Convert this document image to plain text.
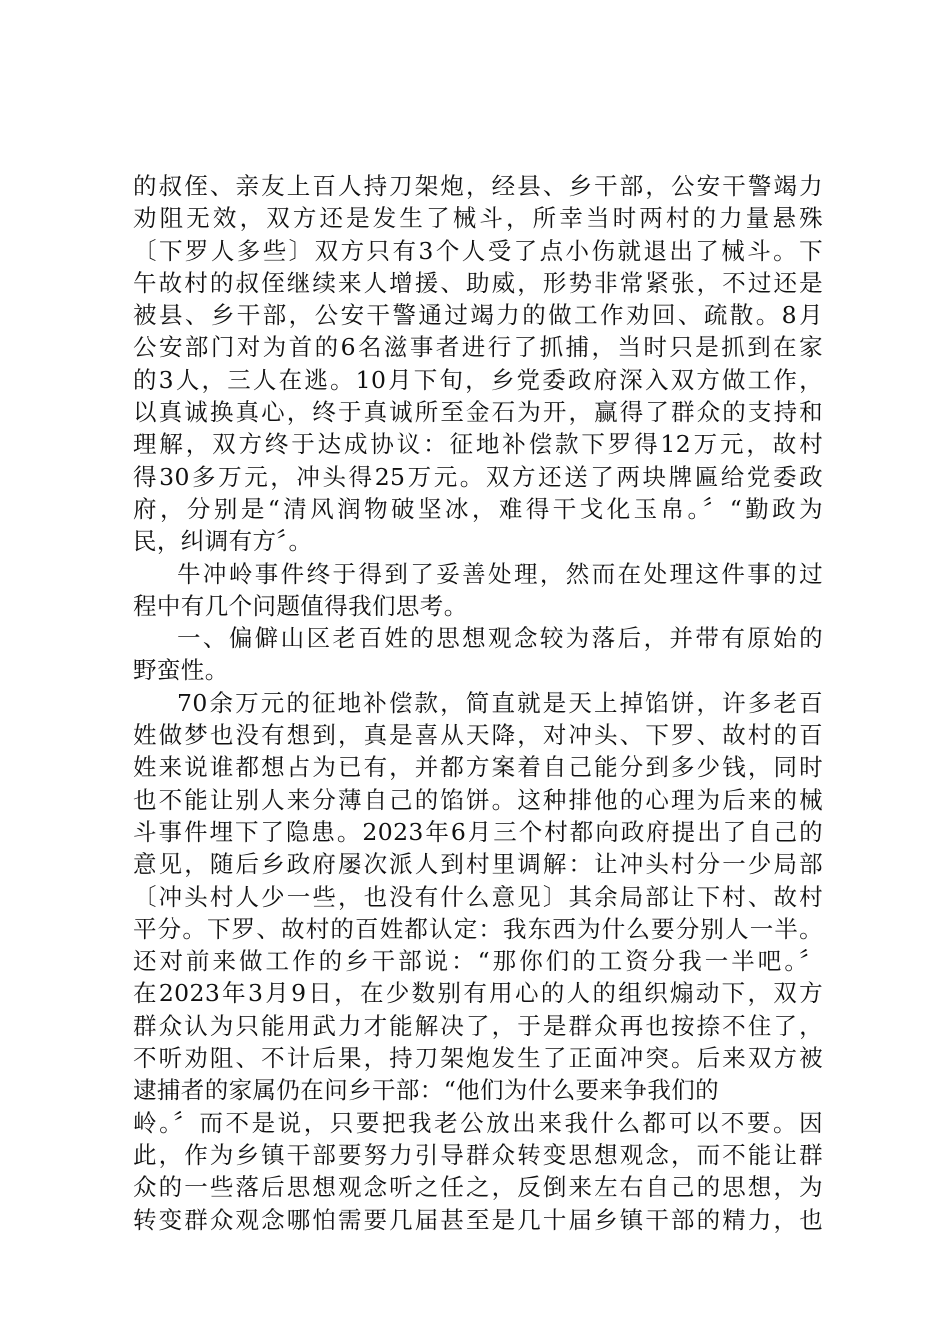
的叔侄、亲友上百人持刀架炮，经县、乡干部，公安干警竭力
劝阻无效，双方还是发生了械斗，所幸当时两村的力量悬殊
〔下罗人多些〕双方只有3个人受了点小伤就退出了械斗。下
午故村的叔侄继续来人增援、助威，形势非常紧张，不过还是
被县、乡干部，公安干警通过竭力的做工作劝回、疏散。8月
公安部门对为首的6名滋事者进行了抓捕，当时只是抓到在家
的3人，三人在逃。10月下旬，乡党委政府深入双方做工作，
以真诚换真心，终于真诚所至金石为开，赢得了群众的支持和
理解，双方终于达成协议：征地补偿款下罗得12万元，故村
得30多万元，冲头得25万元。双方还送了两块牌匾给党委政
府，分别是“清风润物破坚冰，难得干戈化玉帛。〞“勤政为
民，纠调有方〞。
牛冲岭事件终于得到了妥善处理，然而在处理这件事的过
程中有几个问题值得我们思考。
一、偏僻山区老百姓的思想观念较为落后，并带有原始的
野蛮性。
70余万元的征地补偿款，简直就是天上掉馅饼，许多老百
姓做梦也没有想到，真是喜从天降，对冲头、下罗、故村的百
姓来说谁都想占为已有，并都方案着自己能分到多少钱，同时
也不能让别人来分薄自己的馅饼。这种排他的心理为后来的械
斗事件埋下了隐患。2023年6月三个村都向政府提出了自己的
意见，随后乡政府屡次派人到村里调解：让冲头村分一少局部
〔冲头村人少一些，也没有什么意见〕其余局部让下村、故村
平分。下罗、故村的百姓都认定：我东西为什么要分别人一半。
还对前来做工作的乡干部说：“那你们的工资分我一半吧。〞
在2023年3月9日，在少数别有用心的人的组织煽动下，双方
群众认为只能用武力才能解决了，于是群众再也按捺不住了，
不听劝阻、不计后果，持刀架炮发生了正面冲突。后来双方被
逮捕者的家属仍在问乡干部：“他们为什么要来争我们的
岭。〞而不是说，只要把我老公放出来我什么都可以不要。因
此，作为乡镇干部要努力引导群众转变思想观念，而不能让群
众的一些落后思想观念听之任之，反倒来左右自己的思想，为
转变群众观念哪怕需要几届甚至是几十届乡镇干部的精力，也
